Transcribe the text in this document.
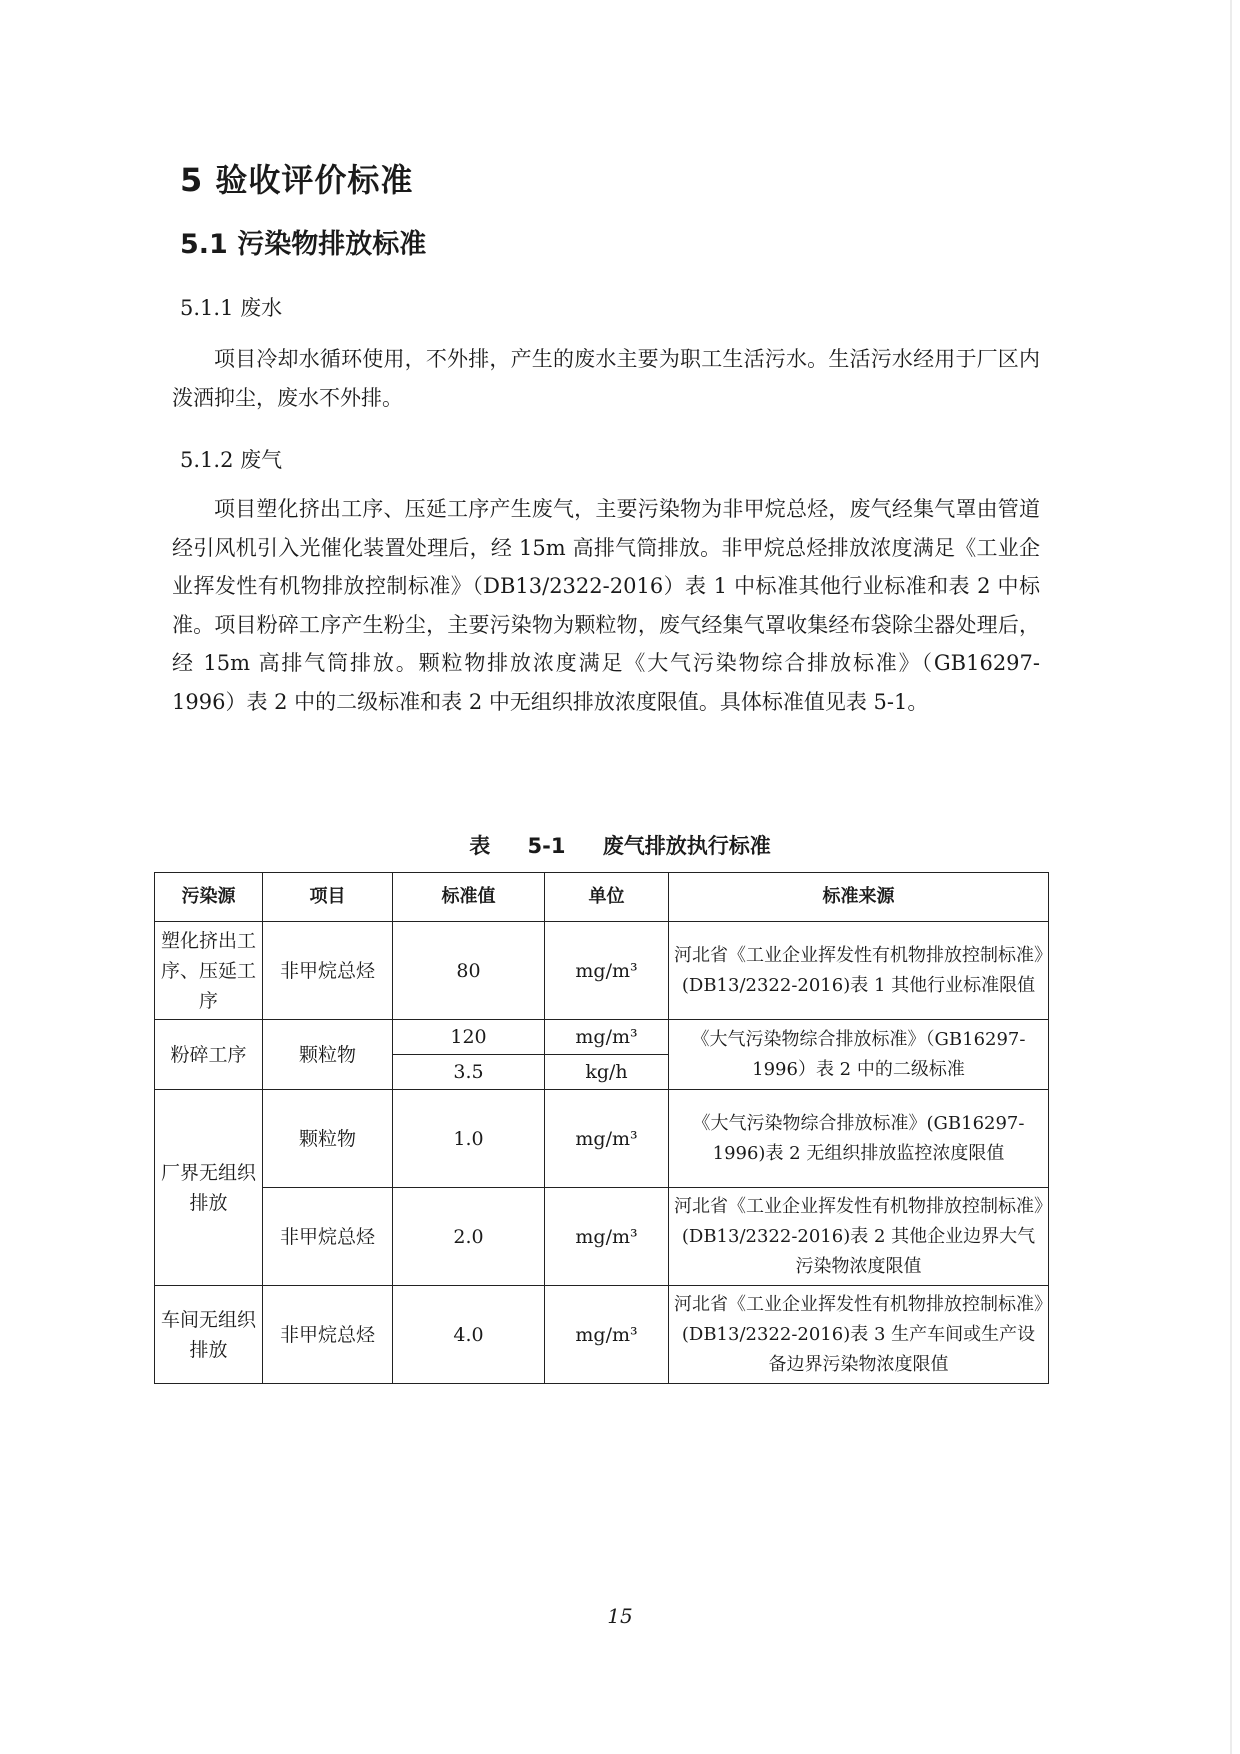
5 验收评价标准
5.1 污染物排放标准
5.1.1 废水

项目冷却水循环使用，不外排，产生的废水主要为职工生活污水。生活污水经用于厂区内泼洒抑尘，废水不外排。

5.1.2 废气

项目塑化挤出工序、压延工序产生废气，主要污染物为非甲烷总烃，废气经集气罩由管道经引风机引入光催化装置处理后，经 15m 高排气筒排放。非甲烷总烃排放浓度满足《工业企业挥发性有机物排放控制标准》（DB13/2322-2016）表 1 中标准其他行业标准和表 2 中标准。项目粉碎工序产生粉尘，主要污染物为颗粒物，废气经集气罩收集经布袋除尘器处理后，经 15m 高排气筒排放。颗粒物排放浓度满足《大气污染物综合排放标准》（GB16297-1996）表 2 中的二级标准和表 2 中无组织排放浓度限值。具体标准值见表 5-1。

表 5-1 废气排放执行标准
污染源	项目	标准值	单位	标准来源
塑化挤出工序、压延工序	非甲烷总烃	80	mg/m³	河北省《工业企业挥发性有机物排放控制标准》(DB13/2322-2016)表 1 其他行业标准限值
粉碎工序	颗粒物	120	mg/m³	《大气污染物综合排放标准》（GB16297-1996）表 2 中的二级标准
		3.5	kg/h	
厂界无组织排放	颗粒物	1.0	mg/m³	《大气污染物综合排放标准》(GB16297-1996)表 2 无组织排放监控浓度限值
	非甲烷总烃	2.0	mg/m³	河北省《工业企业挥发性有机物排放控制标准》(DB13/2322-2016)表 2 其他企业边界大气污染物浓度限值
车间无组织排放	非甲烷总烃	4.0	mg/m³	河北省《工业企业挥发性有机物排放控制标准》(DB13/2322-2016)表 3 生产车间或生产设备边界污染物浓度限值
15
